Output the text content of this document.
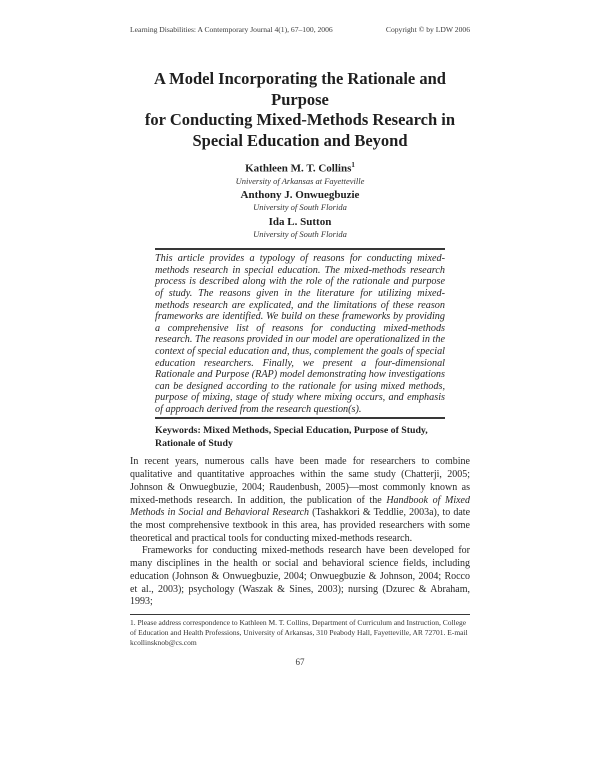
Learning Disabilities: A Contemporary Journal 4(1), 67–100, 2006	Copyright © by LDW 2006
A Model Incorporating the Rationale and Purpose
for Conducting Mixed-Methods Research in
Special Education and Beyond
Kathleen M. T. Collins$^1$
University of Arkansas at Fayetteville
Anthony J. Onwuegbuzie
University of South Florida
Ida L. Sutton
University of South Florida
This article provides a typology of reasons for conducting mixed-methods research in special education. The mixed-methods research process is described along with the role of the rationale and purpose of study. The reasons given in the literature for utilizing mixed-methods research are explicated, and the limitations of these reason frameworks are identified. We build on these frameworks by providing a comprehensive list of reasons for conducting mixed-methods research. The reasons provided in our model are operationalized in the context of special education and, thus, complement the goals of special education researchers. Finally, we present a four-dimensional Rationale and Purpose (RAP) model demonstrating how investigations can be designed according to the rationale for using mixed methods, purpose of mixing, stage of study where mixing occurs, and emphasis of approach derived from the research question(s).
Keywords: Mixed Methods, Special Education, Purpose of Study, Rationale of Study

In recent years, numerous calls have been made for researchers to combine qualitative and quantitative approaches within the same study (Chatterji, 2005; Johnson & Onwuegbuzie, 2004; Raudenbush, 2005)—most commonly known as mixed-methods research. In addition, the publication of the Handbook of Mixed Methods in Social and Behavioral Research (Tashakkori & Teddlie, 2003a), to date the most comprehensive textbook in this area, has provided researchers with some theoretical and practical tools for conducting mixed-methods research.

Frameworks for conducting mixed-methods research have been developed for many disciplines in the health or social and behavioral science fields, including education (Johnson & Onwuegbuzie, 2004; Onwuegbuzie & Johnson, 2004; Rocco et al., 2003); psychology (Waszak & Sines, 2003); nursing (Dzurec & Abraham, 1993;

1. Please address correspondence to Kathleen M. T. Collins, Department of Curriculum and Instruction, College of Education and Health Professions, University of Arkansas, 310 Peabody Hall, Fayetteville, AR 72701. E-mail kcollinsknob@cs.com
67
